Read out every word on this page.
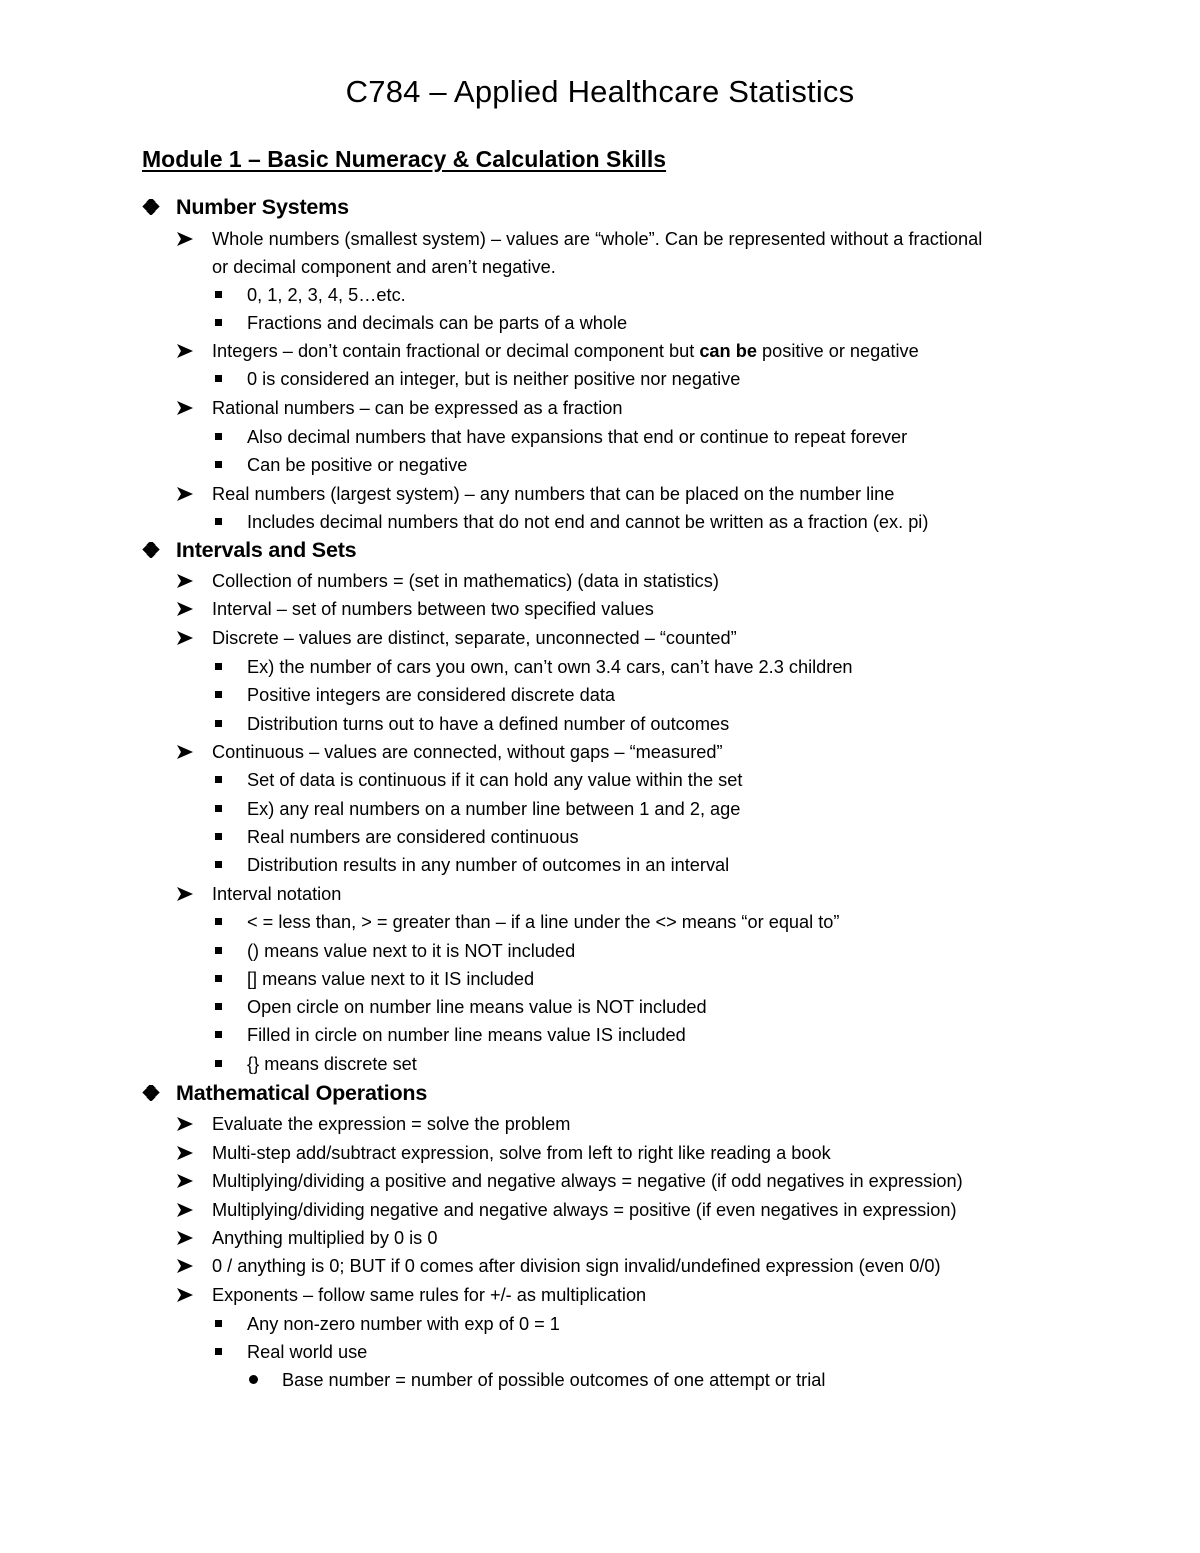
C784 – Applied Healthcare Statistics
Module 1 – Basic Numeracy & Calculation Skills
Number Systems
Whole numbers (smallest system) – values are “whole”. Can be represented without a fractional
or decimal component and aren’t negative.
0, 1, 2, 3, 4, 5…etc.
Fractions and decimals can be parts of a whole
Integers – don’t contain fractional or decimal component but can be positive or negative
0 is considered an integer, but is neither positive nor negative
Rational numbers – can be expressed as a fraction
Also decimal numbers that have expansions that end or continue to repeat forever
Can be positive or negative
Real numbers (largest system) – any numbers that can be placed on the number line
Includes decimal numbers that do not end and cannot be written as a fraction (ex. pi)
Intervals and Sets
Collection of numbers = (set in mathematics) (data in statistics)
Interval – set of numbers between two specified values
Discrete – values are distinct, separate, unconnected – “counted”
Ex) the number of cars you own, can’t own 3.4 cars, can’t have 2.3 children
Positive integers are considered discrete data
Distribution turns out to have a defined number of outcomes
Continuous – values are connected, without gaps – “measured”
Set of data is continuous if it can hold any value within the set
Ex) any real numbers on a number line between 1 and 2, age
Real numbers are considered continuous
Distribution results in any number of outcomes in an interval
Interval notation
< = less than, > = greater than – if a line under the <> means “or equal to”
() means value next to it is NOT included
[] means value next to it IS included
Open circle on number line means value is NOT included
Filled in circle on number line means value IS included
{} means discrete set
Mathematical Operations
Evaluate the expression = solve the problem
Multi-step add/subtract expression, solve from left to right like reading a book
Multiplying/dividing a positive and negative always = negative (if odd negatives in expression)
Multiplying/dividing negative and negative always = positive (if even negatives in expression)
Anything multiplied by 0 is 0
0 / anything is 0; BUT if 0 comes after division sign invalid/undefined expression (even 0/0)
Exponents – follow same rules for +/- as multiplication
Any non-zero number with exp of 0 = 1
Real world use
Base number = number of possible outcomes of one attempt or trial
